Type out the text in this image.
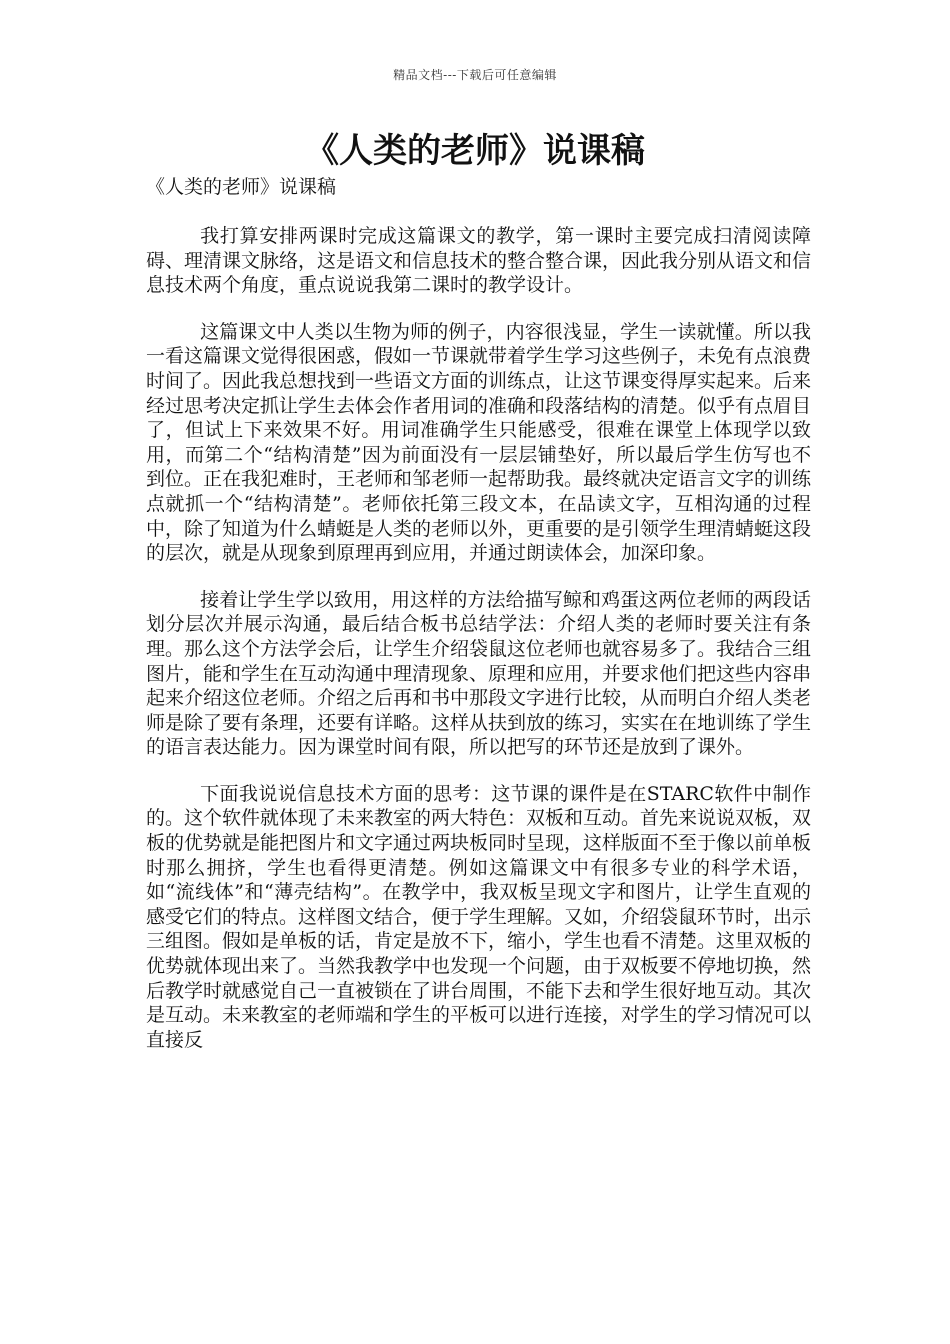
精品文档---下载后可任意编辑
《人类的老师》说课稿
《人类的老师》说课稿

我打算安排两课时完成这篇课文的教学，第一课时主要完成扫清阅读障碍、理清课文脉络，这是语文和信息技术的整合整合课，因此我分别从语文和信息技术两个角度，重点说说我第二课时的教学设计。

这篇课文中人类以生物为师的例子，内容很浅显，学生一读就懂。所以我一看这篇课文觉得很困惑，假如一节课就带着学生学习这些例子，未免有点浪费时间了。因此我总想找到一些语文方面的训练点，让这节课变得厚实起来。后来经过思考决定抓让学生去体会作者用词的准确和段落结构的清楚。似乎有点眉目了，但试上下来效果不好。用词准确学生只能感受，很难在课堂上体现学以致用，而第二个“结构清楚”因为前面没有一层层铺垫好，所以最后学生仿写也不到位。正在我犯难时，王老师和邹老师一起帮助我。最终就决定语言文字的训练点就抓一个“结构清楚”。老师依托第三段文本，在品读文字，互相沟通的过程中，除了知道为什么蜻蜓是人类的老师以外，更重要的是引领学生理清蜻蜓这段的层次，就是从现象到原理再到应用，并通过朗读体会，加深印象。

接着让学生学以致用，用这样的方法给描写鲸和鸡蛋这两位老师的两段话划分层次并展示沟通，最后结合板书总结学法：介绍人类的老师时要关注有条理。那么这个方法学会后，让学生介绍袋鼠这位老师也就容易多了。我结合三组图片，能和学生在互动沟通中理清现象、原理和应用，并要求他们把这些内容串起来介绍这位老师。介绍之后再和书中那段文字进行比较，从而明白介绍人类老师是除了要有条理，还要有详略。这样从扶到放的练习，实实在在地训练了学生的语言表达能力。因为课堂时间有限，所以把写的环节还是放到了课外。

下面我说说信息技术方面的思考：这节课的课件是在STARC软件中制作的。这个软件就体现了未来教室的两大特色：双板和互动。首先来说说双板，双板的优势就是能把图片和文字通过两块板同时呈现，这样版面不至于像以前单板时那么拥挤，学生也看得更清楚。例如这篇课文中有很多专业的科学术语，如“流线体”和“薄壳结构”。在教学中，我双板呈现文字和图片，让学生直观的感受它们的特点。这样图文结合，便于学生理解。又如，介绍袋鼠环节时，出示三组图。假如是单板的话，肯定是放不下，缩小，学生也看不清楚。这里双板的优势就体现出来了。当然我教学中也发现一个问题，由于双板要不停地切换，然后教学时就感觉自己一直被锁在了讲台周围，不能下去和学生很好地互动。其次是互动。未来教室的老师端和学生的平板可以进行连接，对学生的学习情况可以直接反
